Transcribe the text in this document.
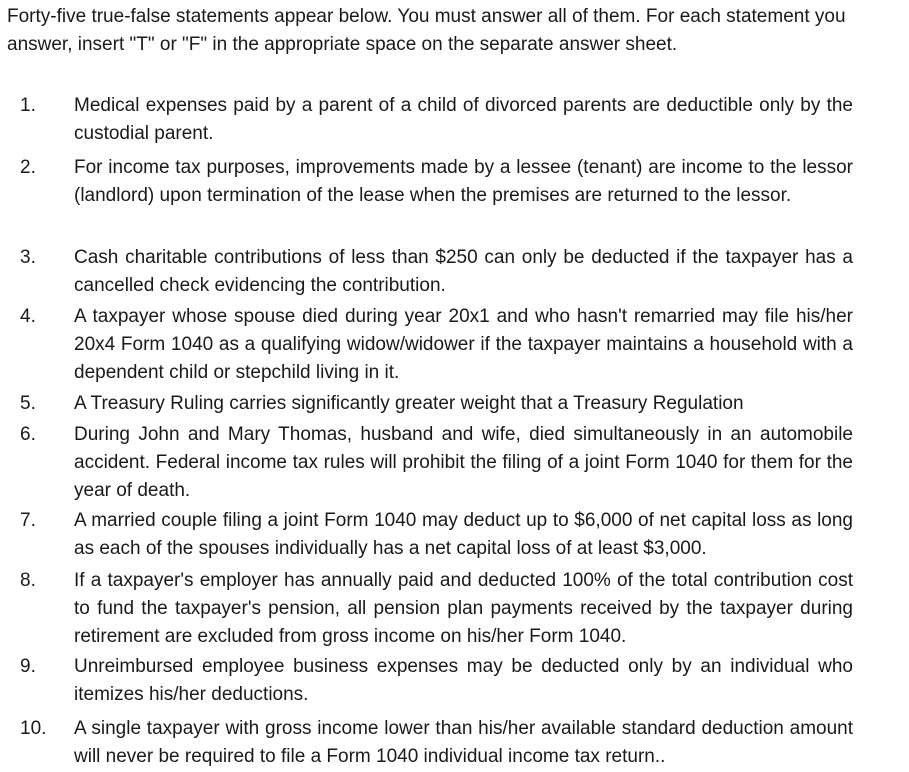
Forty-five true-false statements appear below. You must answer all of them. For each statement you
answer, insert "T" or "F" in the appropriate space on the separate answer sheet.
1.	Medical expenses paid by a parent of a child of divorced parents are deductible only by the custodial parent.
2.	For income tax purposes, improvements made by a lessee (tenant) are income to the lessor (landlord) upon termination of the lease when the premises are returned to the lessor.
3.	Cash charitable contributions of less than $250 can only be deducted if the taxpayer has a cancelled check evidencing the contribution.
4.	A taxpayer whose spouse died during year 20x1 and who hasn't remarried may file his/her 20x4 Form 1040 as a qualifying widow/widower if the taxpayer maintains a household with a dependent child or stepchild living in it.
5.	A Treasury Ruling carries significantly greater weight that a Treasury Regulation
6.	During John and Mary Thomas, husband and wife, died simultaneously in an automobile accident. Federal income tax rules will prohibit the filing of a joint Form 1040 for them for the year of death.
7.	A married couple filing a joint Form 1040 may deduct up to $6,000 of net capital loss as long as each of the spouses individually has a net capital loss of at least $3,000.
8.	If a taxpayer's employer has annually paid and deducted 100% of the total contribution cost to fund the taxpayer's pension, all pension plan payments received by the taxpayer during retirement are excluded from gross income on his/her Form 1040.
9.	Unreimbursed employee business expenses may be deducted only by an individual who itemizes his/her deductions.
10.	A single taxpayer with gross income lower than his/her available standard deduction amount will never be required to file a Form 1040 individual income tax return..
